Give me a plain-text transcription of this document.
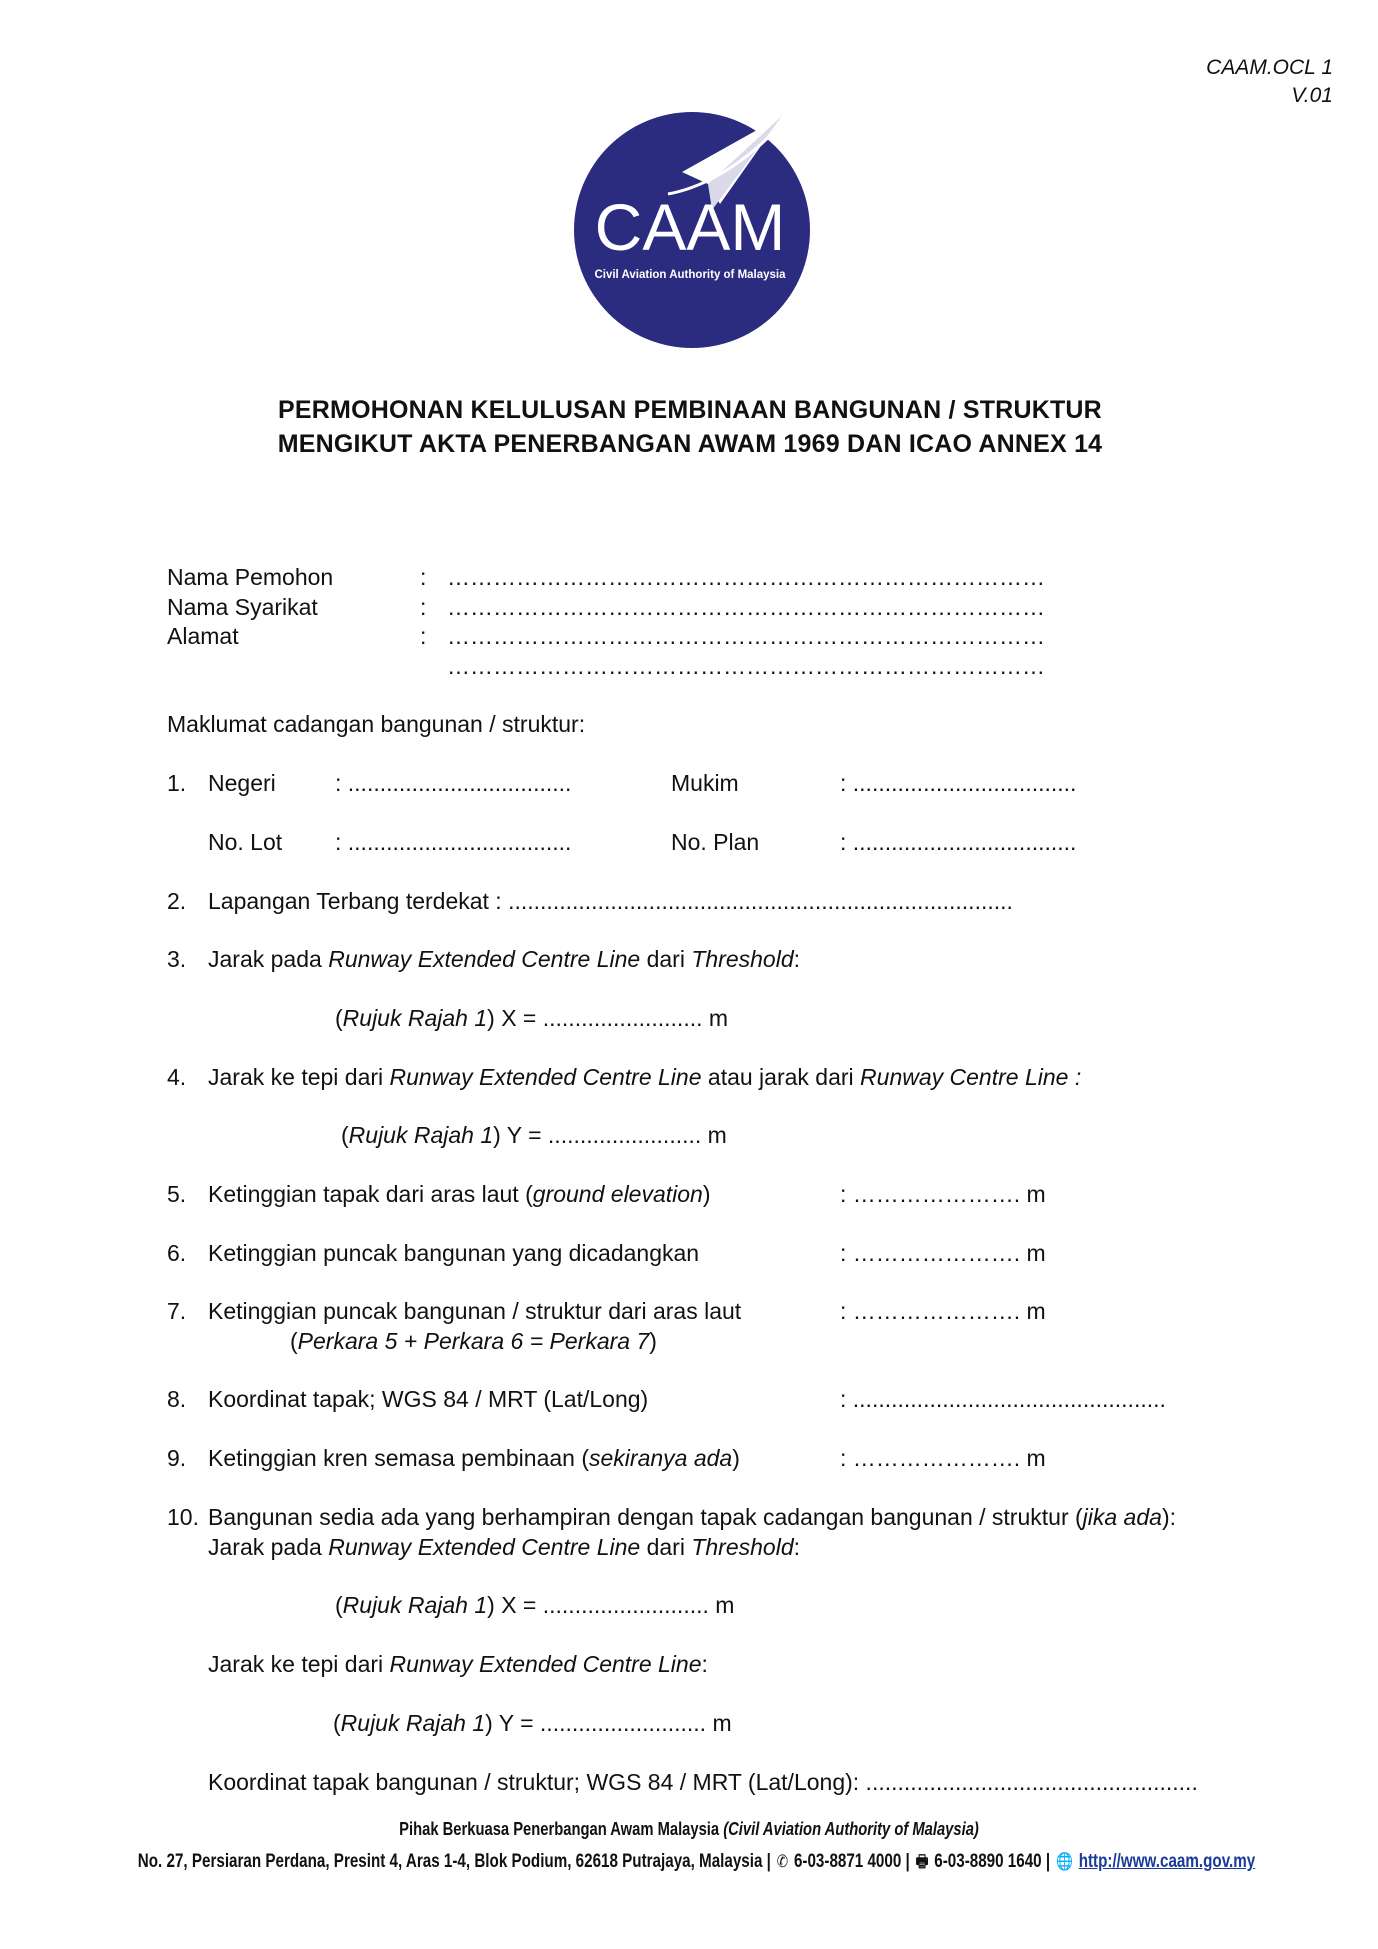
CAAM.OCL 1
V.01
CAAM
Civil Aviation Authority of Malaysia
PERMOHONAN KELULUSAN PEMBINAAN BANGUNAN / STRUKTUR
MENGIKUT AKTA PENERBANGAN AWAM 1969 DAN ICAO ANNEX 14
Nama Pemohon	: ……………………………………………………………………
Nama Syarikat	: ……………………………………………………………………
Alamat	: ……………………………………………………………………
……………………………………………………………………
Maklumat cadangan bangunan / struktur:
1. Negeri	: ...................................	Mukim	: ...................................
No. Lot : ...................................	No. Plan	: ...................................
2. Lapangan Terbang terdekat : ...............................................................................
3. Jarak pada Runway Extended Centre Line dari Threshold:
(Rujuk Rajah 1) X = ......................... m
4. Jarak ke tepi dari Runway Extended Centre Line atau jarak dari Runway Centre Line :
(Rujuk Rajah 1) Y = ........................ m
5. Ketinggian tapak dari aras laut (ground elevation)	: …………………. m
6. Ketinggian puncak bangunan yang dicadangkan	: …………………. m
7. Ketinggian puncak bangunan / struktur dari aras laut	: …………………. m
(Perkara 5 + Perkara 6 = Perkara 7)
8. Koordinat tapak; WGS 84 / MRT (Lat/Long)	: .................................................
9. Ketinggian kren semasa pembinaan (sekiranya ada)	: …………………. m
10. Bangunan sedia ada yang berhampiran dengan tapak cadangan bangunan / struktur (jika ada):
Jarak pada Runway Extended Centre Line dari Threshold:
(Rujuk Rajah 1) X = .......................... m
Jarak ke tepi dari Runway Extended Centre Line:
(Rujuk Rajah 1) Y = .......................... m
Koordinat tapak bangunan / struktur; WGS 84 / MRT (Lat/Long): ....................................................
Pihak Berkuasa Penerbangan Awam Malaysia (Civil Aviation Authority of Malaysia)
No. 27, Persiaran Perdana, Presint 4, Aras 1-4, Blok Podium, 62618 Putrajaya, Malaysia | ✆ 6-03-8871 4000 | 🖶 6-03-8890 1640 | 🌐 http://www.caam.gov.my
